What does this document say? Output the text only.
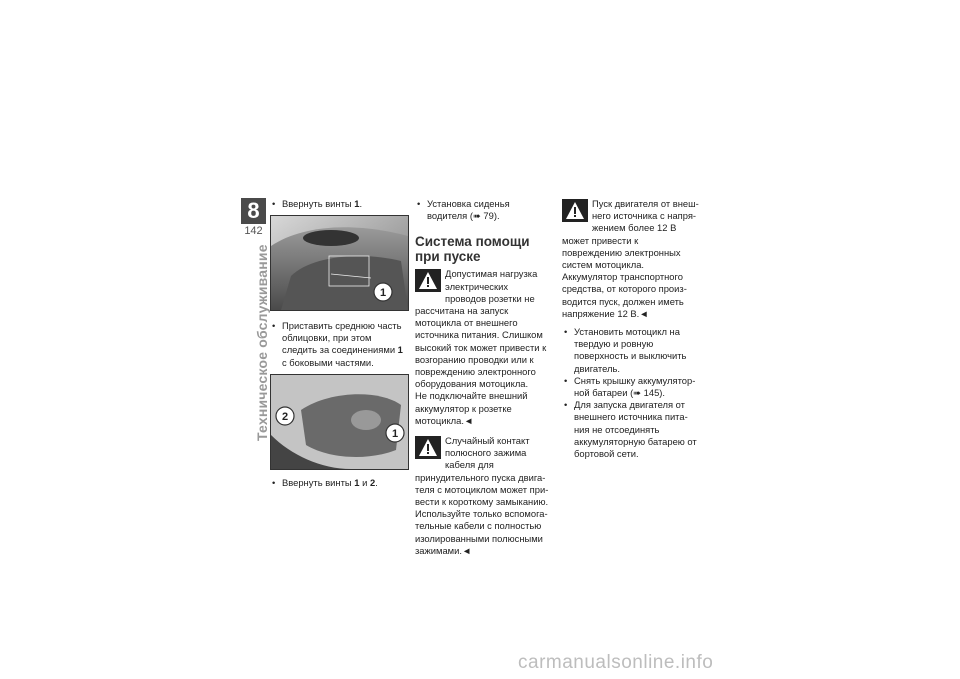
8
142
Техническое обслуживание

• Ввернуть винты 1.

1

• Приставить среднюю часть облицовки, при этом следить за соединениями 1 с боковыми частями.

2
1

• Ввернуть винты 1 и 2.

• Установка сиденья водителя (➠ 79).

Система помощи при пуске

Допустимая нагрузка электрических проводов розетки не рассчитана на запуск мотоцикла от внешнего источника питания. Слишком высокий ток может привести к возгоранию проводки или к повреждению электронного оборудования мотоцикла.

Не подключайте внешний аккумулятор к розетке мотоцикла.◄

Случайный контакт полюсного зажима кабеля для принудительного пуска двигателя с мотоциклом может привести к короткому замыканию. Используйте только вспомогательные кабели с полностью изолированными полюсными зажимами.◄

Пуск двигателя от внешнего источника с напряжением более 12 В может привести к повреждению электронных систем мотоцикла. Аккумулятор транспортного средства, от которого производится пуск, должен иметь напряжение 12 В.◄

• Установить мотоцикл на твердую и ровную поверхность и выключить двигатель.

• Снять крышку аккумуляторной батареи (➠ 145).

• Для запуска двигателя от внешнего источника питания не отсоединять аккумуляторную батарею от бортовой сети.

carmanualsonline.info
